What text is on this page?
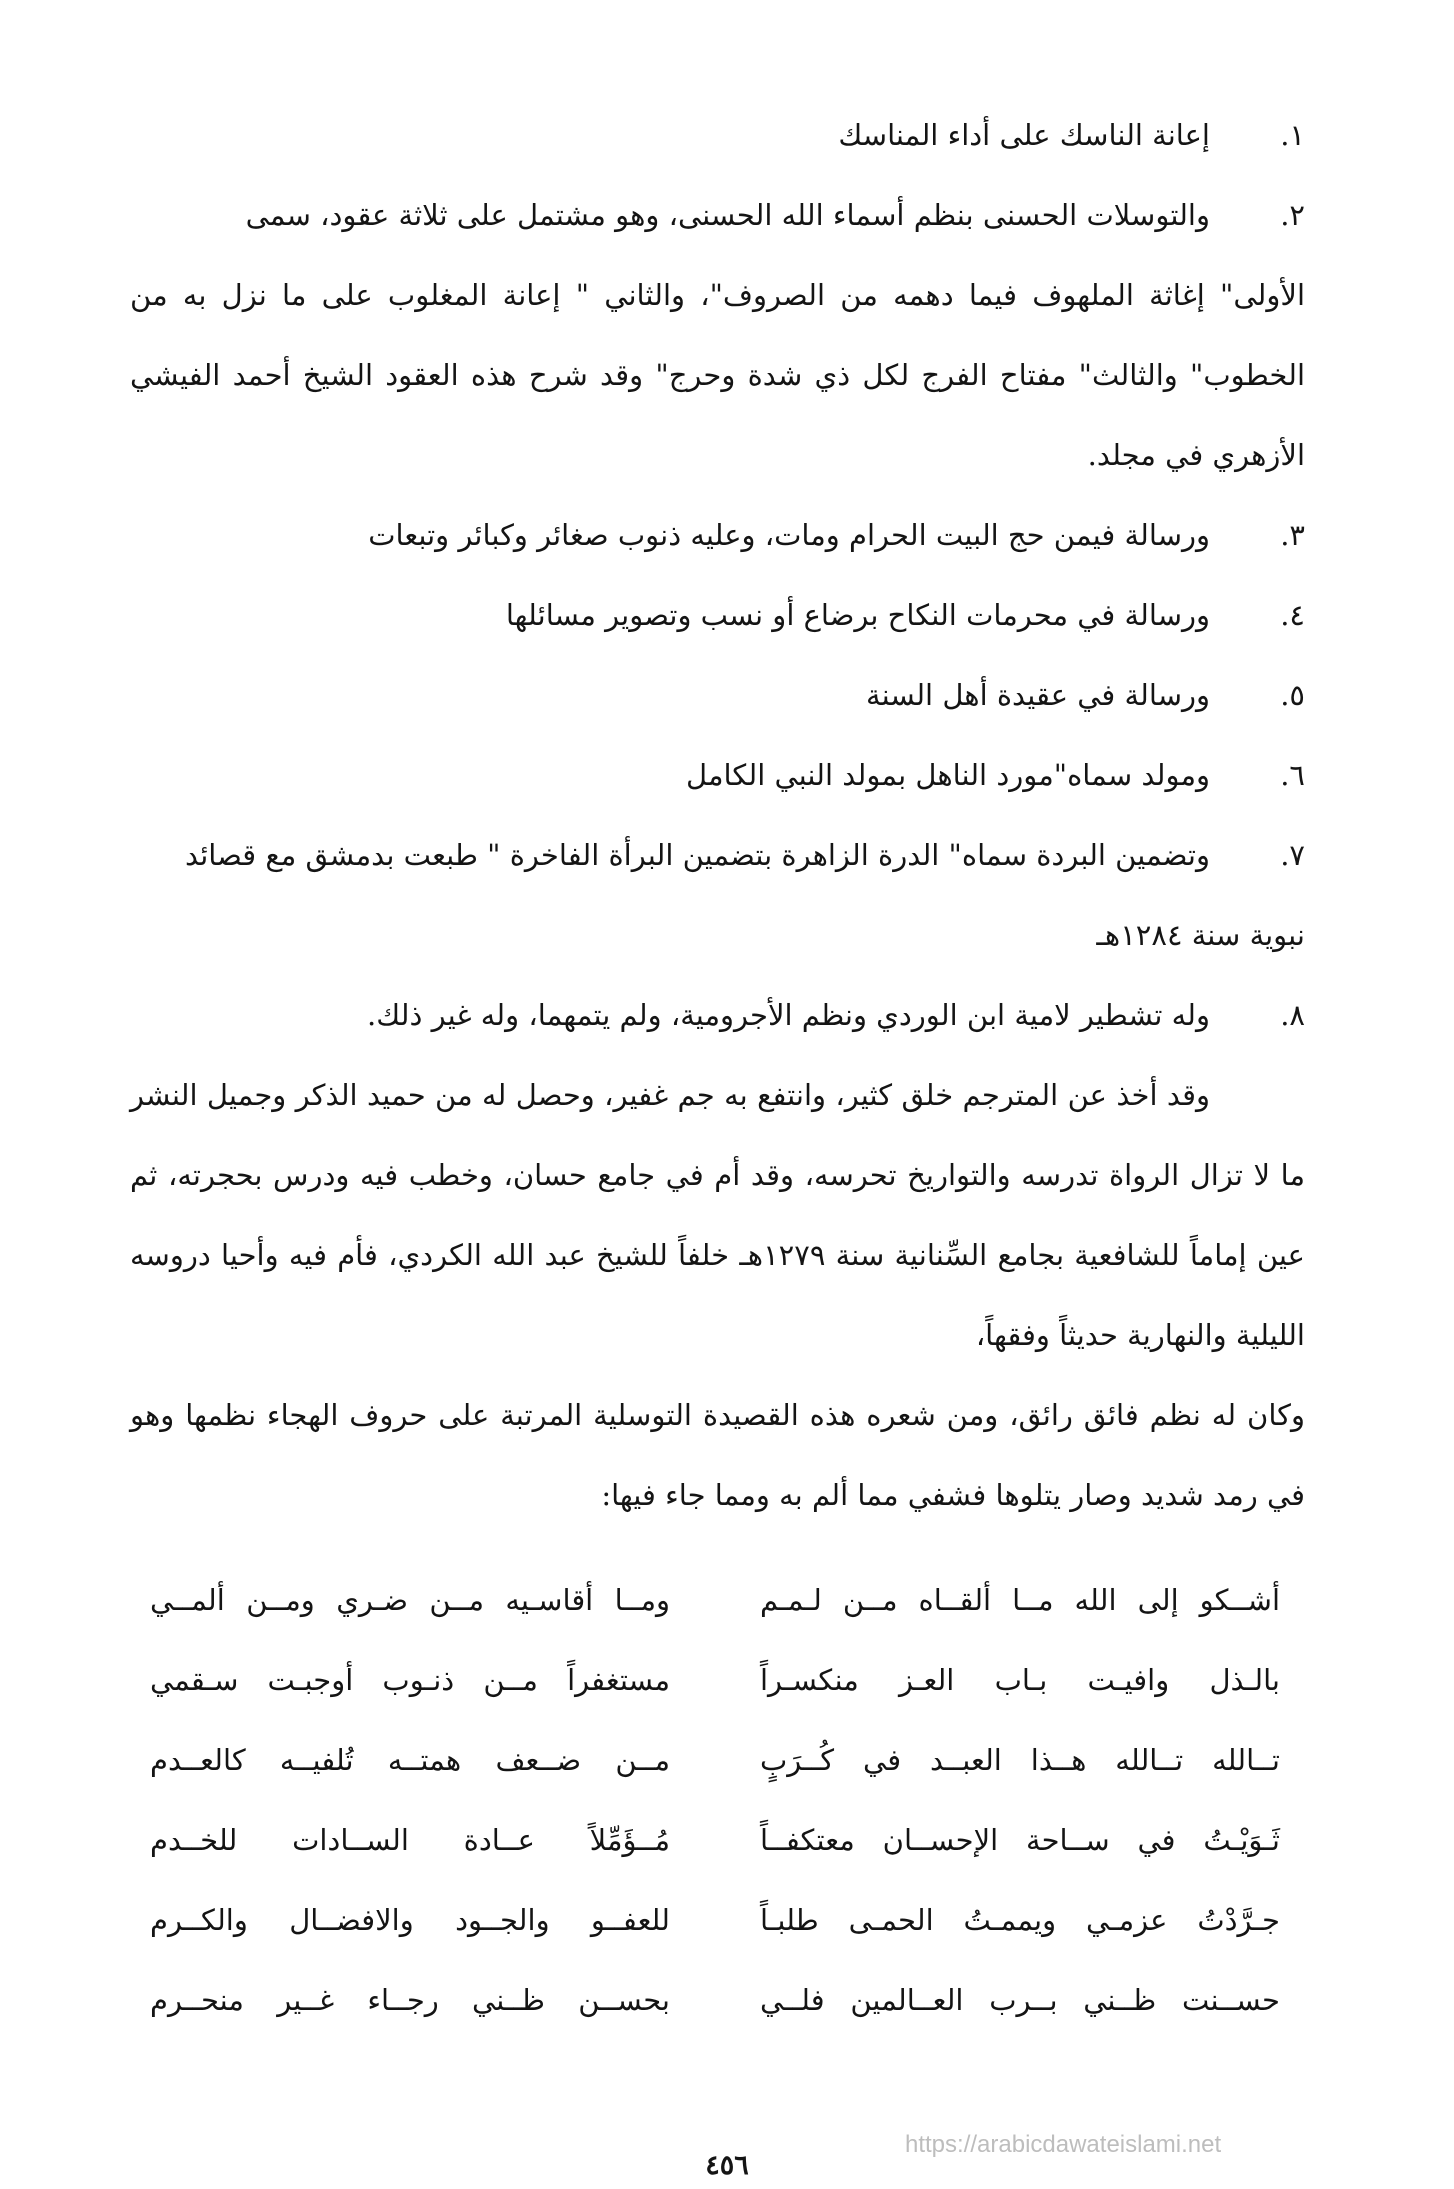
١.
إعانة الناسك على أداء المناسك
٢.
والتوسلات الحسنى بنظم أسماء الله الحسنى، وهو مشتمل على ثلاثة عقود، سمى
الأولى" إغاثة الملهوف فيما دهمه من الصروف"، والثاني " إعانة المغلوب على ما نزل به من الخطوب" والثالث" مفتاح الفرج لكل ذي شدة وحرج" وقد شرح هذه العقود الشيخ أحمد الفيشي الأزهري في مجلد.
٣.
ورسالة فيمن حج البيت الحرام ومات، وعليه ذنوب صغائر وكبائر وتبعات
٤.
ورسالة في محرمات النكاح برضاع أو نسب وتصوير مسائلها
٥.
ورسالة في عقيدة أهل السنة
٦.
ومولد سماه"مورد الناهل بمولد النبي الكامل
٧.
وتضمين البردة سماه" الدرة الزاهرة بتضمين البرأة الفاخرة " طبعت بدمشق مع قصائد
نبوية سنة ١٢٨٤هـ
٨.
وله تشطير لامية ابن الوردي ونظم الأجرومية، ولم يتمهما، وله غير ذلك.
وقد أخذ عن المترجم خلق كثير، وانتفع به جم غفير، وحصل له من حميد الذكر وجميل النشر ما لا تزال الرواة تدرسه والتواريخ تحرسه، وقد أم في جامع حسان، وخطب فيه ودرس بحجرته، ثم عين إماماً للشافعية بجامع السِّنانية سنة ١٢٧٩هـ خلفاً للشيخ عبد الله الكردي، فأم فيه وأحيا دروسه الليلية والنهارية حديثاً وفقهاً،
وكان له نظم فائق رائق، ومن شعره هذه القصيدة التوسلية المرتبة على حروف الهجاء نظمها وهو في رمد شديد وصار يتلوها فشفي مما ألم به ومما جاء فيها:
أشــكو إلى الله مــا ألقــاه مــن لـمـم
ومــا أقاسـيه مــن ضـري ومــن ألمــي
بالـذل وافيـت بـاب العـز منكسـراً
مستغفراً مــن ذنـوب أوجبـت سـقمي
تــالله تــالله هــذا العبــد في كُــرَبٍ
مــن ضــعف همتــه تُلفيــه كالعــدم
ثَـوَيْـتُ في ســاحة الإحســان معتكفــاً
مُــؤَمِّلاً عــادة الســادات للخــدم
جـرَّدْتُ عزمـي ويممـتُ الحمـى طلبـاً
للعفــو والجــود والافضــال والكــرم
حســنت ظــني بــرب العــالمين فلــي
بحســن ظــني رجــاء غــير منحــرم
٤٥٦
https://arabicdawateislami.net
